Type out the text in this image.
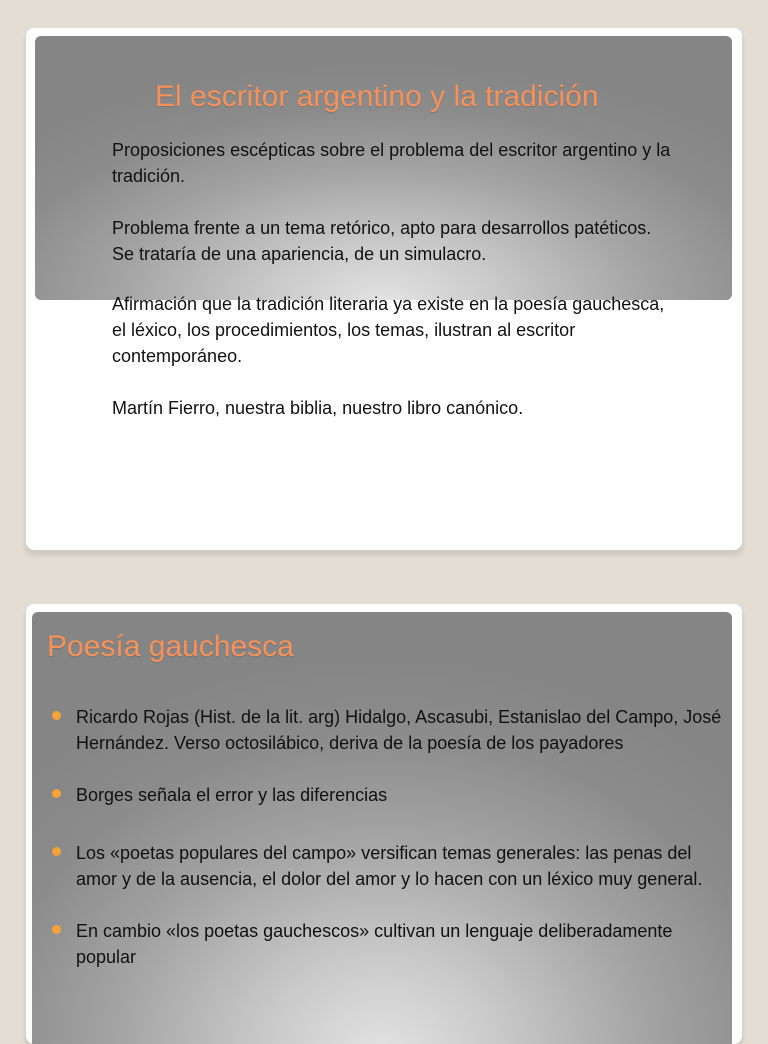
El escritor argentino y la tradición

Proposiciones escépticas sobre el problema del escritor argentino y la tradición.

Problema frente a un tema retórico, apto para desarrollos patéticos. Se trataría de una apariencia, de un simulacro.

Afirmación que la tradición literaria ya existe en la poesía gauchesca, el léxico, los procedimientos, los temas, ilustran al escritor contemporáneo.

Martín Fierro, nuestra biblia, nuestro libro canónico.

Poesía gauchesca
Ricardo Rojas (Hist. de la lit. arg) Hidalgo, Ascasubi, Estanislao del Campo, José Hernández. Verso octosilábico, deriva de la poesía de los payadores
Borges señala el error y las diferencias
Los «poetas populares del campo» versifican temas generales: las penas del amor y de la ausencia, el dolor del amor y lo hacen con un léxico muy general.
En cambio «los poetas gauchescos» cultivan un lenguaje deliberadamente popular
